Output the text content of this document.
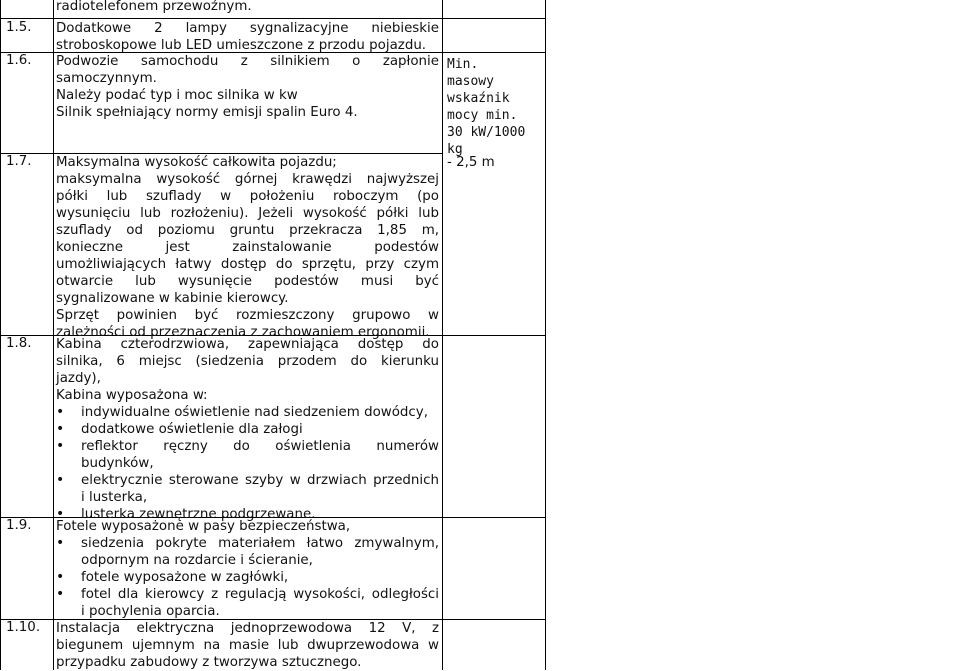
radiotelefonem przewoźnym.

1.5. Dodatkowe 2 lampy sygnalizacyjne niebieskie

stroboskopowe lub LED umieszczone z przodu pojazdu.

1.6. Podwozie samochodu z silnikiem o zapłonie

samoczynnym.

Należy podać typ i moc silnika w kw

Silnik spełniający normy emisji spalin Euro 4.

Min.
masowy
wskaźnik
mocy min.
30 kW/1000
kg
1.7. Maksymalna wysokość całkowita pojazdu;

maksymalna wysokość górnej krawędzi najwyższej

półki lub szuflady w położeniu roboczym (po

wysunięciu lub rozłożeniu). Jeżeli wysokość półki lub

szuflady od poziomu gruntu przekracza 1,85 m,

konieczne jest zainstalowanie podestów

umożliwiających łatwy dostęp do sprzętu, przy czym

otwarcie lub wysunięcie podestów musi być

sygnalizowane w kabinie kierowcy.

Sprzęt powinien być rozmieszczony grupowo w

zależności od przeznaczenia z zachowaniem ergonomii.

- 2,5 m
1.8. Kabina czterodrzwiowa, zapewniająca dostęp do

silnika, 6 miejsc (siedzenia przodem do kierunku

jazdy),

Kabina wyposażona w:

• indywidualne oświetlenie nad siedzeniem dowódcy,

• dodatkowe oświetlenie dla załogi

• reflektor ręczny do oświetlenia numerów

budynków,

• elektrycznie sterowane szyby w drzwiach przednich

i lusterka,

• lusterka zewnętrzne podgrzewane.

1.9. Fotele wyposażone w pasy bezpieczeństwa,

• siedzenia pokryte materiałem łatwo zmywalnym,

odpornym na rozdarcie i ścieranie,

• fotele wyposażone w zagłówki,

• fotel dla kierowcy z regulacją wysokości, odległości

i pochylenia oparcia.

1.10. Instalacja elektryczna jednoprzewodowa 12 V, z

biegunem ujemnym na masie lub dwuprzewodowa w

przypadku zabudowy z tworzywa sztucznego.
